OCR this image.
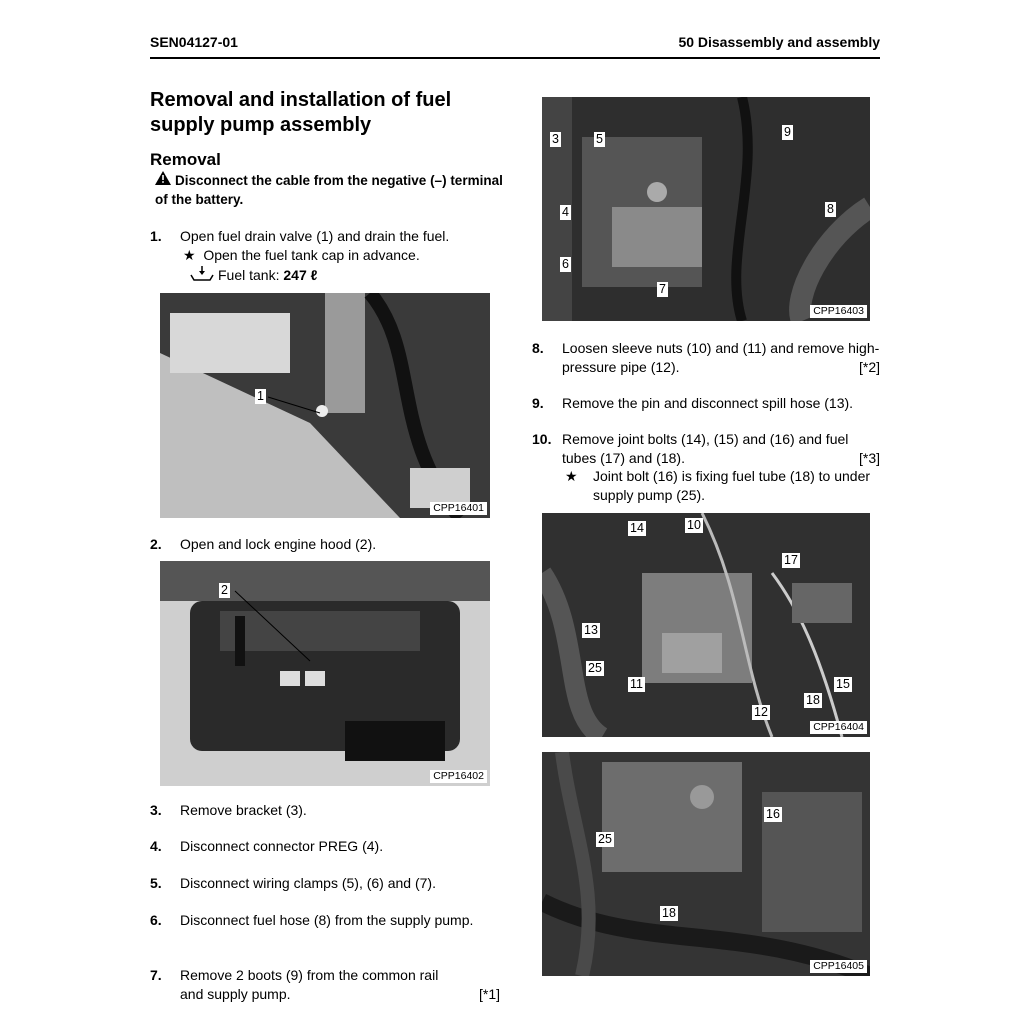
SEN04127-01	50 Disassembly and assembly
Removal and installation of fuel supply pump assembly
Removal
Disconnect the cable from the negative (–) terminal of the battery.
1. Open fuel drain valve (1) and drain the fuel.
★  Open the fuel tank cap in advance.
Fuel tank: 247 ℓ
1
CPP16401
2. Open and lock engine hood (2).
2
CPP16402
3. Remove bracket (3).
4. Disconnect connector PREG (4).
5. Disconnect wiring clamps (5), (6) and (7).
6. Disconnect fuel hose (8) from the supply pump.
7. Remove 2 boots (9) from the common rail and supply pump.	[*1]
3	5	9
4	8
6
7
CPP16403
8. Loosen sleeve nuts (10) and (11) and remove high-pressure pipe (12).	[*2]
9. Remove the pin and disconnect spill hose (13).
10. Remove joint bolts (14), (15) and (16) and fuel tubes (17) and (18).	[*3]
★ Joint bolt (16) is fixing fuel tube (18) to under supply pump (25).
14	10
17
13
25
11	15
18
12
CPP16404
16
25
18
CPP16405
